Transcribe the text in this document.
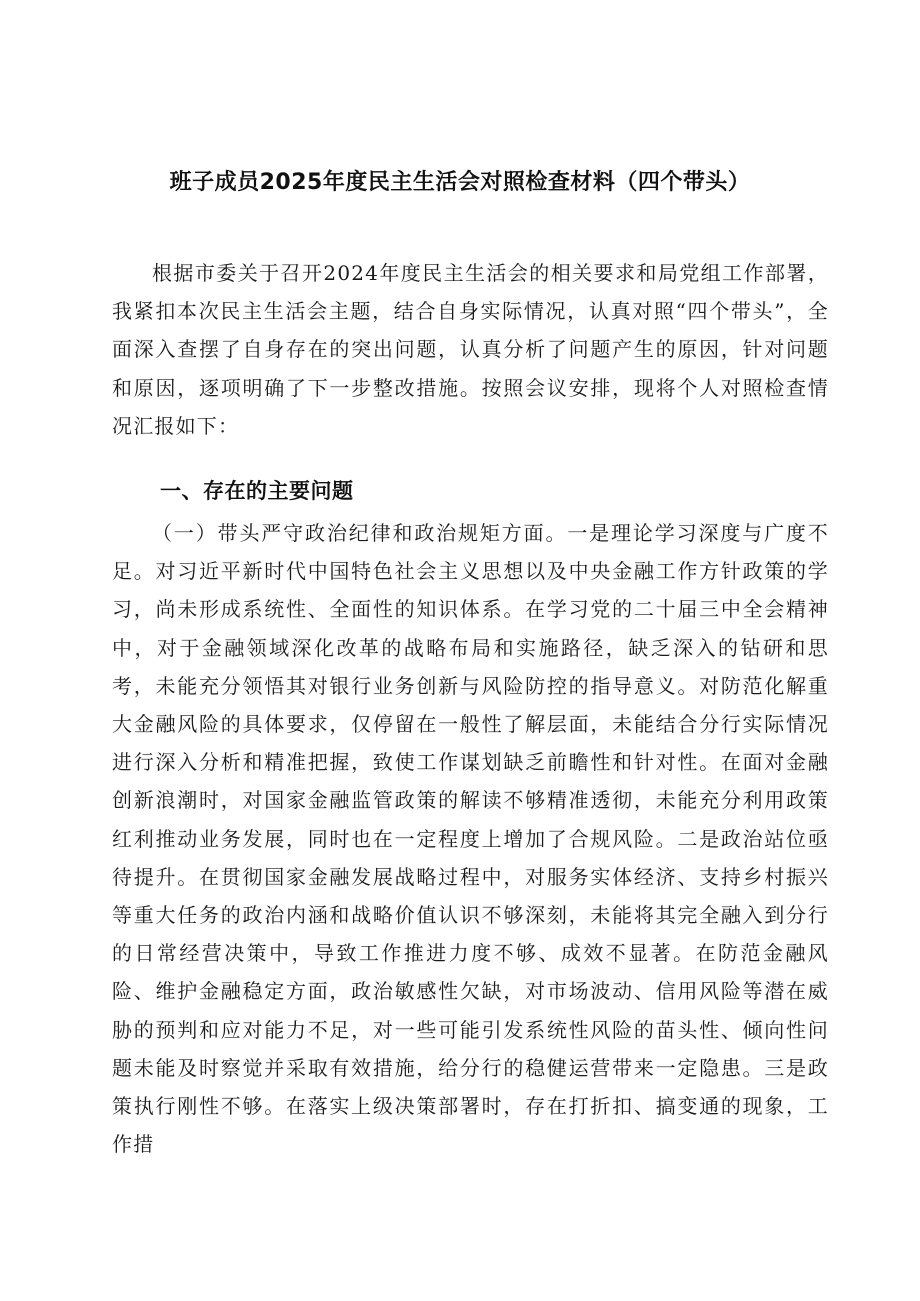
班子成员2025年度民主生活会对照检查材料（四个带头）

根据市委关于召开2024年度民主生活会的相关要求和局党组工作部署，我紧扣本次民主生活会主题，结合自身实际情况，认真对照“四个带头”，全面深入查摆了自身存在的突出问题，认真分析了问题产生的原因，针对问题和原因，逐项明确了下一步整改措施。按照会议安排，现将个人对照检查情况汇报如下：

一、存在的主要问题

（一）带头严守政治纪律和政治规矩方面。一是理论学习深度与广度不足。对习近平新时代中国特色社会主义思想以及中央金融工作方针政策的学习，尚未形成系统性、全面性的知识体系。在学习党的二十届三中全会精神中，对于金融领域深化改革的战略布局和实施路径，缺乏深入的钻研和思考，未能充分领悟其对银行业务创新与风险防控的指导意义。对防范化解重大金融风险的具体要求，仅停留在一般性了解层面，未能结合分行实际情况进行深入分析和精准把握，致使工作谋划缺乏前瞻性和针对性。在面对金融创新浪潮时，对国家金融监管政策的解读不够精准透彻，未能充分利用政策红利推动业务发展，同时也在一定程度上增加了合规风险。二是政治站位亟待提升。在贯彻国家金融发展战略过程中，对服务实体经济、支持乡村振兴等重大任务的政治内涵和战略价值认识不够深刻，未能将其完全融入到分行的日常经营决策中，导致工作推进力度不够、成效不显著。在防范金融风险、维护金融稳定方面，政治敏感性欠缺，对市场波动、信用风险等潜在威胁的预判和应对能力不足，对一些可能引发系统性风险的苗头性、倾向性问题未能及时察觉并采取有效措施，给分行的稳健运营带来一定隐患。三是政策执行刚性不够。在落实上级决策部署时，存在打折扣、搞变通的现象，工作措
